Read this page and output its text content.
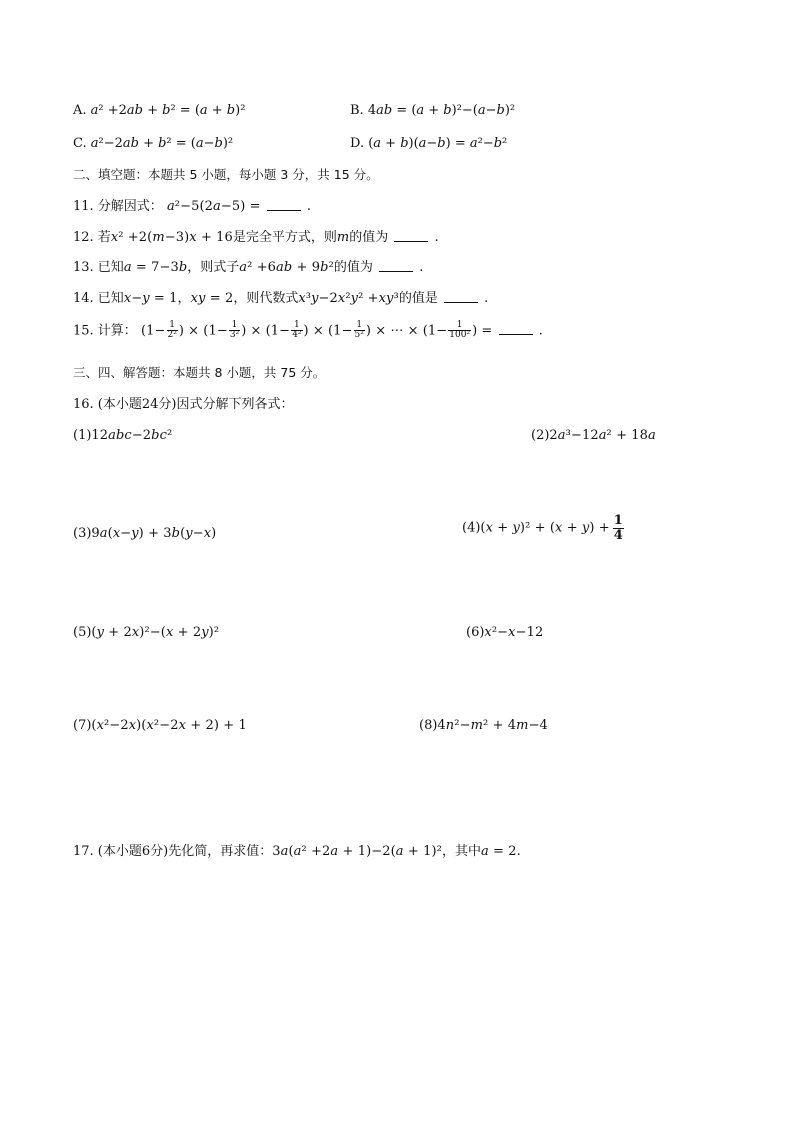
A. 𝑎² +2𝑎𝑏 + 𝑏² = (𝑎 + 𝑏)²	B. 4𝑎𝑏 = (𝑎 + 𝑏)²−(𝑎−𝑏)²
C. 𝑎²−2𝑎𝑏 + 𝑏² = (𝑎−𝑏)²	D. (𝑎 + 𝑏)(𝑎−𝑏) = 𝑎²−𝑏²
二、填空题：本题共 5 小题，每小题 3 分，共 15 分。
11. 分解因式： 𝑎²−5(2𝑎−5) =	.
12. 若𝑥² +2(𝑚−3)𝑥 + 16是完全平方式，则𝑚的值为	.
13. 已知𝑎 = 7−3𝑏，则式子𝑎² +6𝑎𝑏 + 9𝑏²的值为	.
14. 已知𝑥−𝑦 = 1，𝑥𝑦 = 2，则代数式𝑥³𝑦−2𝑥²𝑦² +𝑥𝑦³的值是	.
15. 计算： ($1- \frac{1}{\text{2²}}$ ) × ($1- \frac{1}{\text{3²}}$ ) × ($1- \frac{1}{\text{4²}}$ ) × ($1- \frac{1}{\text{5²}}$ ) × ⋯ × ($1- \frac{1}{\text{100²}}$ ) =	.
三、四、解答题：本题共 8 小题，共 75 分。
16. (本小题24分)因式分解下列各式：
(1)12𝑎𝑏𝑐−2𝑏𝑐²	(2)2𝑎³−12𝑎² + 18𝑎
(3)9𝑎(𝑥−𝑦) + 3𝑏(𝑦−𝑥)	(4)(𝑥 + 𝑦)² + (𝑥 + 𝑦) + $\frac{1}{4}$
(5)(𝑦 + 2𝑥)²−(𝑥 + 2𝑦)²	(6)𝑥²−𝑥−12
(7)(𝑥²−2𝑥)(𝑥²−2𝑥 + 2) + 1	(8)4𝑛²−𝑚² + 4𝑚−4
17. (本小题6分)先化简，再求值：3𝑎(𝑎² +2𝑎 + 1)−2(𝑎 + 1)²，其中𝑎 = 2.
